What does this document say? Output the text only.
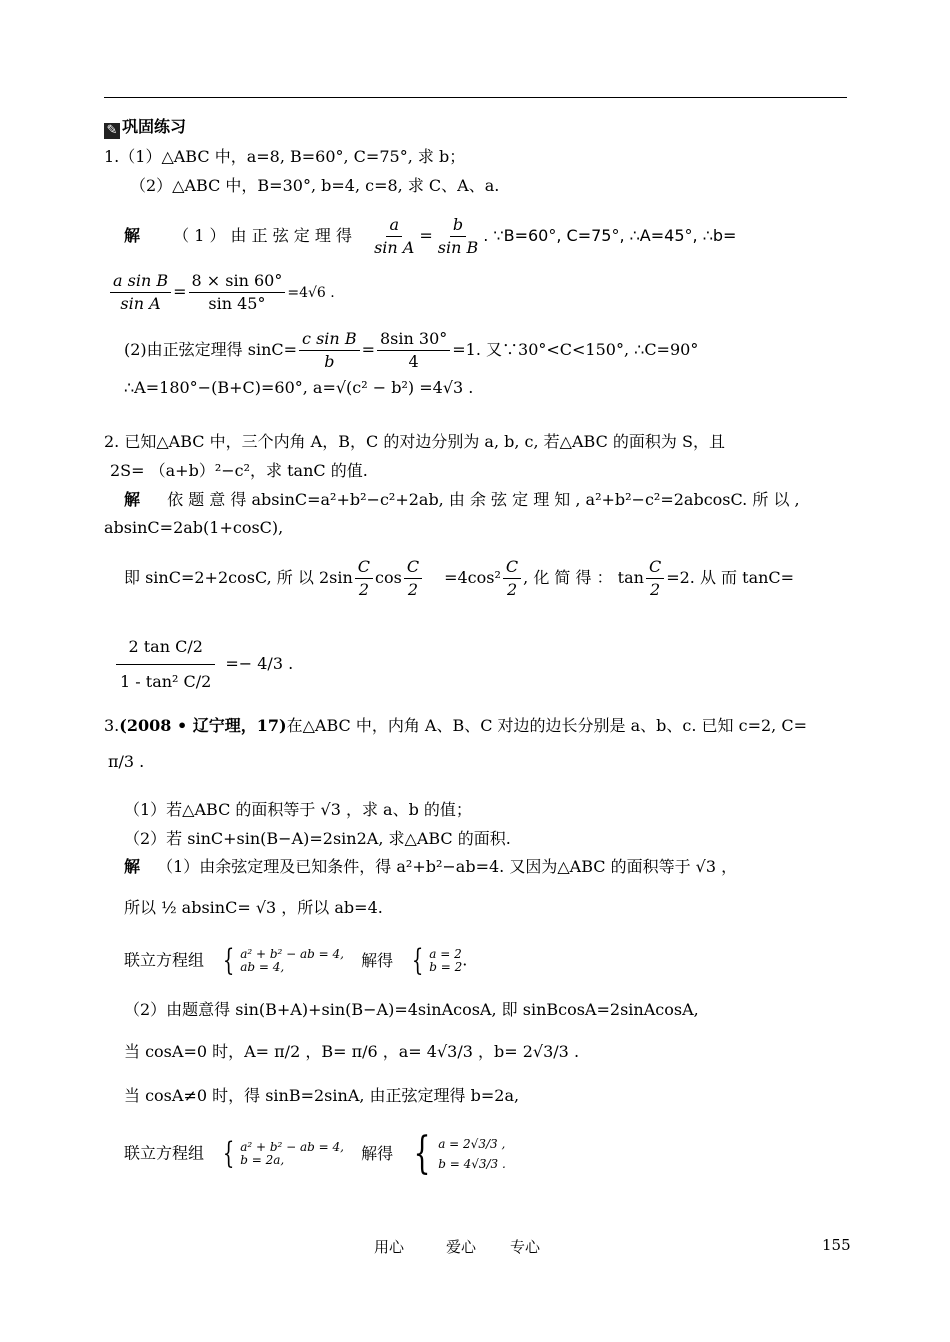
✎ 巩固练习
1.（1）△ABC 中，a=8, B=60°, C=75°, 求 b；
（2）△ABC 中，B=30°, b=4, c=8, 求 C、A、a.
解 （ 1 ） 由 正 弦 定 理 得 $\frac{a}{\text{sin A}} = \frac{b}{\text{sin B}}$ . ∵B=60°, C=75°, ∴A=45°, ∴b=
$\frac{\text{a sin B}}{\text{sin A}} = \frac{8 \times \sin 60^\circ}{\sin 45^\circ} =4√6$ .
(2)由正弦定理得 $\sin C= \frac{\text{c sin B}}{b} = \frac{8\sin 30^\circ}{4} =1$. 又∵30°<C<150°, ∴C=90°
∴A=180°−(B+C)=60°, a=√(c² − b²) =4√3 .
2. 已知△ABC 中，三个内角 A，B，C 的对边分别为 a, b, c, 若△ABC 的面积为 S，且
2S= （a+b）²−c²，求 tanC 的值.
解 依 题 意 得 absinC=a²+b²−c²+2ab, 由 余 弦 定 理 知 , a²+b²−c²=2abcosC. 所 以 ,
absinC=2ab(1+cosC),
即 sinC=2+2cosC, 所 以 $2\sin \frac{C}{2}$ $\cos \frac{C}{2} =4\cos^2 \frac{C}{2}$ , 化 简 得 ： $\tan \frac{C}{2} =2$. 从 而 tanC=
$\frac{\text{2 tan C/2}}{\text{1 - tan² C/2}} =- 4/3$ .
3.(2008 • 辽宁理，17)在△ABC 中，内角 A、B、C 对边的边长分别是 a、b、c. 已知 c=2, C=
π/3 .
（1）若△ABC 的面积等于 √3 ，求 a、b 的值；
（2）若 sinC+sin(B−A)=2sin2A, 求△ABC 的面积.
解 （1）由余弦定理及已知条件，得 a²+b²−ab=4. 又因为△ABC 的面积等于 √3 ，
所以 ½ absinC= √3 ，所以 ab=4.
联立方程组 { a² + b² − ab = 4,
ab = 4,	解得 { a = 2
b = 2 .
（2）由题意得 sin(B+A)+sin(B−A)=4sinAcosA, 即 sinBcosA=2sinAcosA,
当 cosA=0 时，A= π/2 ，B= π/6 ，a= 4√3/3 ，b= 2√3/3 .
当 cosA≠0 时，得 sinB=2sinA, 由正弦定理得 b=2a,
联立方程组 { a² + b² − ab = 4,
b = 2a,	解得 { a = 2√3/3 ,
b = 4√3/3 .
用心	爱心 专心	155
